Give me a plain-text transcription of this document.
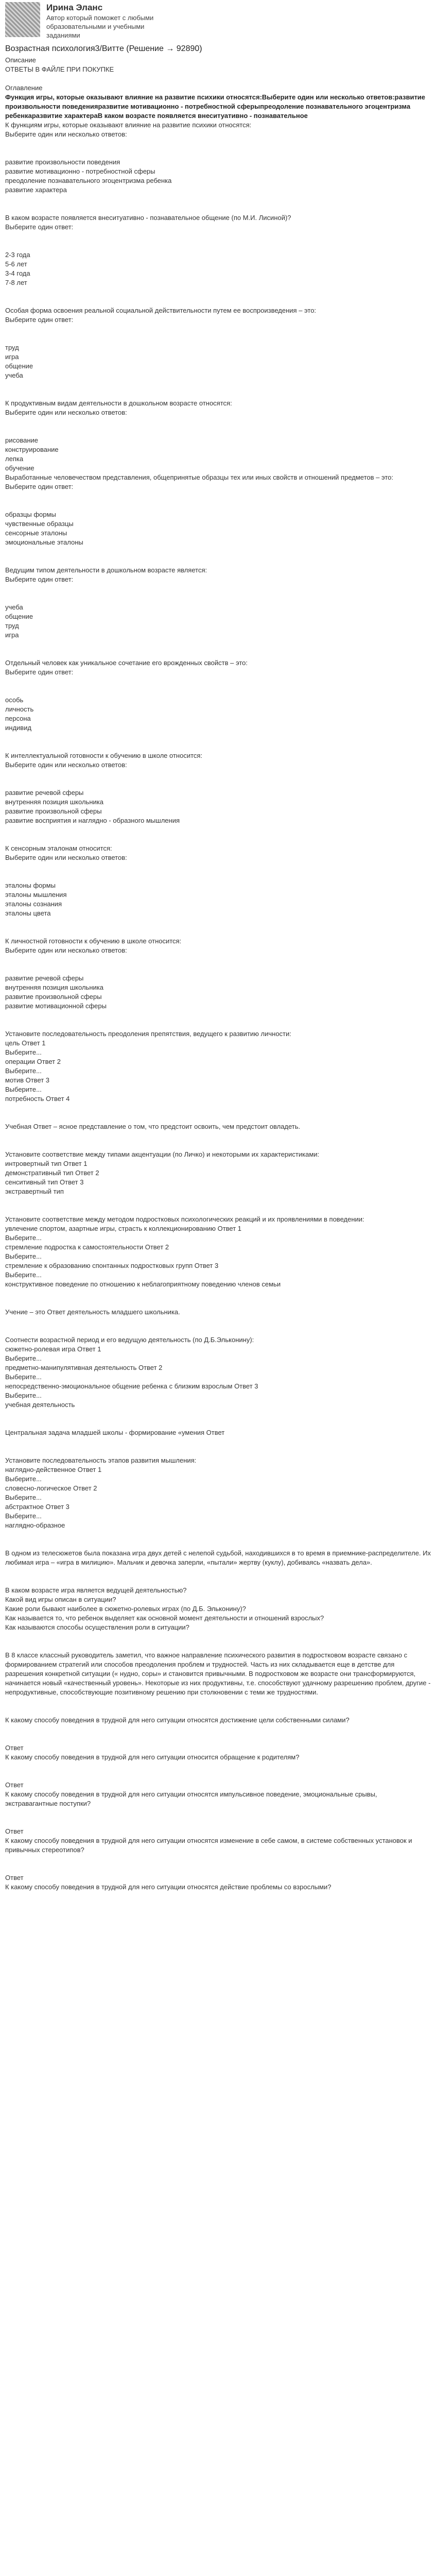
Ирина Эланс
Автор который поможет с любыми образовательными и учебными заданиями
Возрастная психология3/Витте (Решение → 92890)
Описание
ОТВЕТЫ В ФАЙЛЕ ПРИ ПОКУПКЕ
Оглавление
Функция игры, которые оказывают влияние на развитие психики относятся:Выберите один или несколько ответов:развитие произвольности поведенияразвитие мотивационно - потребностной сферыпреодоление познавательного эгоцентризма ребенкаразвитие характераВ каком возрасте появляется внеситуативно - познавательное
К функциям игры, которые оказывают влияние на развитие психики относятся:
Выберите один или несколько ответов:
развитие произвольности поведения
развитие мотивационно - потребностной сферы
преодоление познавательного эгоцентризма ребенка
развитие характера
В каком возрасте появляется внеситуативно - познавательное общение (по М.И. Лисиной)?
Выберите один ответ:
2-3 года
5-6 лет
3-4 года
7-8 лет
Особая форма освоения реальной социальной действительности путем ее воспроизведения – это:
Выберите один ответ:
труд
игра
общение
учеба
К продуктивным видам деятельности в дошкольном возрасте относятся:
Выберите один или несколько ответов:
рисование
конструирование
лепка
обучение
Выработанные человечеством представления, общепринятые образцы тех или иных свойств и отношений предметов – это:
Выберите один ответ:
образцы формы
чувственные образцы
сенсорные эталоны
эмоциональные эталоны
Ведущим типом деятельности в дошкольном возрасте является:
Выберите один ответ:
учеба
общение
труд
игра
Отдельный человек как уникальное сочетание его врожденных свойств – это:
Выберите один ответ:
особь
личность
персона
индивид
К интеллектуальной готовности к обучению в школе относится:
Выберите один или несколько ответов:
развитие речевой сферы
внутренняя позиция школьника
развитие произвольной сферы
развитие восприятия и наглядно - образного мышления
К сенсорным эталонам относится:
Выберите один или несколько ответов:
эталоны формы
эталоны мышления
эталоны сознания
эталоны цвета
К личностной готовности к обучению в школе относится:
Выберите один или несколько ответов:
развитие речевой сферы
внутренняя позиция школьника
развитие произвольной сферы
развитие мотивационной сферы
Установите последовательность преодоления препятствия, ведущего к развитию личности:
цель Ответ 1
Выберите...
операции Ответ 2
Выберите...
мотив Ответ 3
Выберите...
потребность Ответ 4
Учебная Ответ – ясное представление о том, что предстоит освоить, чем предстоит овладеть.
Установите соответствие между типами акцентуации (по Личко) и некоторыми их характеристиками:
интровертный тип Ответ 1
демонстративный тип Ответ 2
сенситивный тип Ответ 3
экстравертный тип
Установите соответствие между методом подростковых психологических реакций и их проявлениями в поведении:
увлечение спортом, азартные игры, страсть к коллекционированию Ответ 1
Выберите...
стремление подростка к самостоятельности Ответ 2
Выберите...
стремление к образованию спонтанных подростковых групп Ответ 3
Выберите...
конструктивное поведение по отношению к неблагоприятному поведению членов семьи
Учение – это Ответ деятельность младшего школьника.
Соотнести возрастной период и его ведущую деятельность (по Д.Б.Эльконину):
сюжетно-ролевая игра Ответ 1
Выберите...
предметно-манипулятивная деятельность Ответ 2
Выберите...
непосредственно-эмоциональное общение ребенка с близким взрослым Ответ 3
Выберите...
учебная деятельность
Центральная задача младшей школы - формирование «умения Ответ
Установите последовательность этапов развития мышления:
наглядно-действенное Ответ 1
Выберите...
словесно-логическое Ответ 2
Выберите...
абстрактное Ответ 3
Выберите...
наглядно-образное
В одном из телесюжетов была показана игра двух детей с нелепой судьбой, находившихся в то время в приемнике-распределителе. Их любимая игра – «игра в милицию». Мальчик и девочка заперли, «пытали» жертву (куклу), добиваясь «назвать дела».
В каком возрасте игра является ведущей деятельностью?
Какой вид игры описан в ситуации?
Какие роли бывают наиболее в сюжетно-ролевых играх (по Д.Б. Эльконину)?
Как называется то, что ребенок выделяет как основной момент деятельности и отношений взрослых?
Как называются способы осуществления роли в ситуации?
В 8 классе классный руководитель заметил, что важное направление психического развития в подростковом возрасте связано с формированием стратегий или способов преодоления проблем и трудностей. Часть из них складывается еще в детстве для разрешения конкретной ситуации (« нудно, соры» и становится привычными. В подростковом же возрасте они трансформируются, начинается новый «качественный уровень». Некоторые из них продуктивны, т.е. способствуют удачному разрешению проблем, другие - непродуктивные, способствующие позитивному решению при столкновении с теми же трудностями.
К какому способу поведения в трудной для него ситуации относятся достижение цели собственными силами?
Ответ
К какому способу поведения в трудной для него ситуации относится обращение к родителям?
Ответ
К какому способу поведения в трудной для него ситуации относятся импульсивное поведение, эмоциональные срывы, экстравагантные поступки?
Ответ
К какому способу поведения в трудной для него ситуации относятся изменение в себе самом, в системе собственных установок и привычных стереотипов?
Ответ
К какому способу поведения в трудной для него ситуации относятся действие проблемы со взрослыми?
